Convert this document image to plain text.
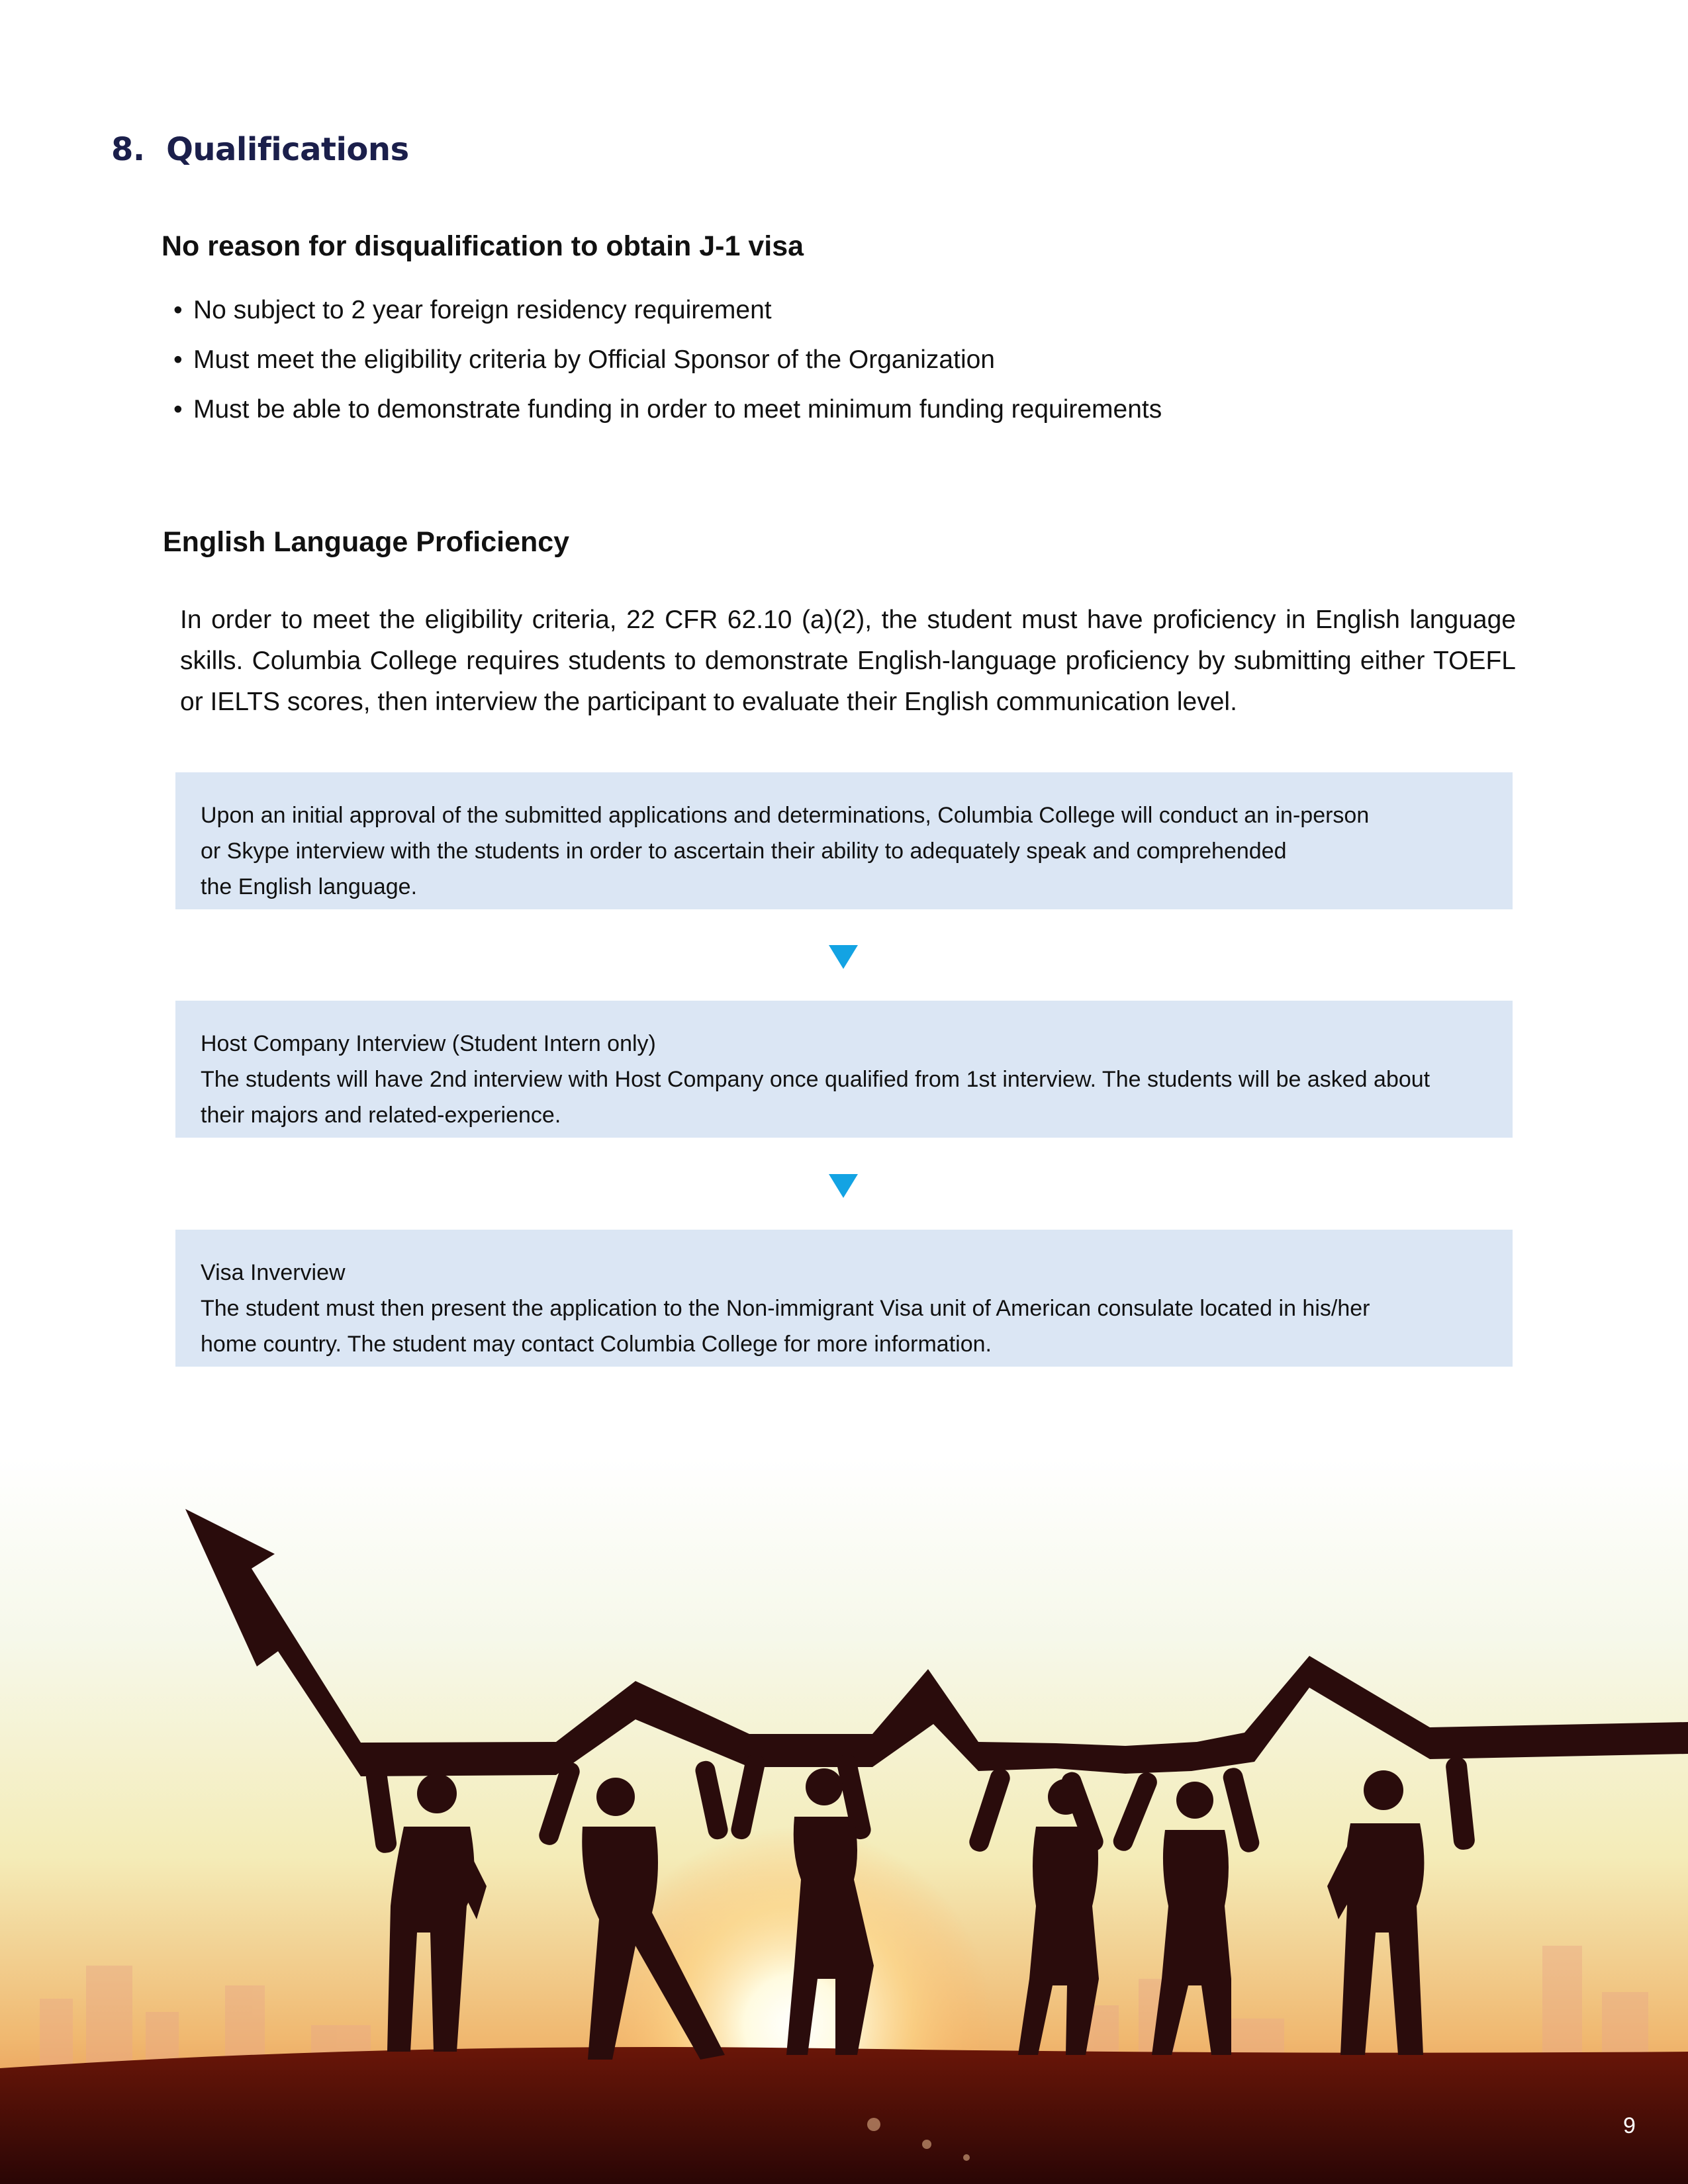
8. Qualifications
No reason for disqualification to obtain J-1 visa
• No subject to 2 year foreign residency requirement
• Must meet the eligibility criteria by Official Sponsor of the Organization
• Must be able to demonstrate funding in order to meet minimum funding requirements
English Language Proficiency

In order to meet the eligibility criteria, 22 CFR 62.10 (a)(2), the student must have proficiency in English language skills. Columbia College requires students to demonstrate English-language proficiency by submitting either TOEFL or IELTS scores, then interview the participant to evaluate their English communication level.

Upon an initial approval of the submitted applications and determinations, Columbia College will conduct an in-person
or Skype interview with the students in order to ascertain their ability to adequately speak and comprehended
the English language.
Host Company Interview (Student Intern only)
The students will have 2nd interview with Host Company once qualified from 1st interview. The students will be asked about
their majors and related-experience.
Visa Inverview
The student must then present the application to the Non-immigrant Visa unit of American consulate located in his/her
home country. The student may contact Columbia College for more information.
9
